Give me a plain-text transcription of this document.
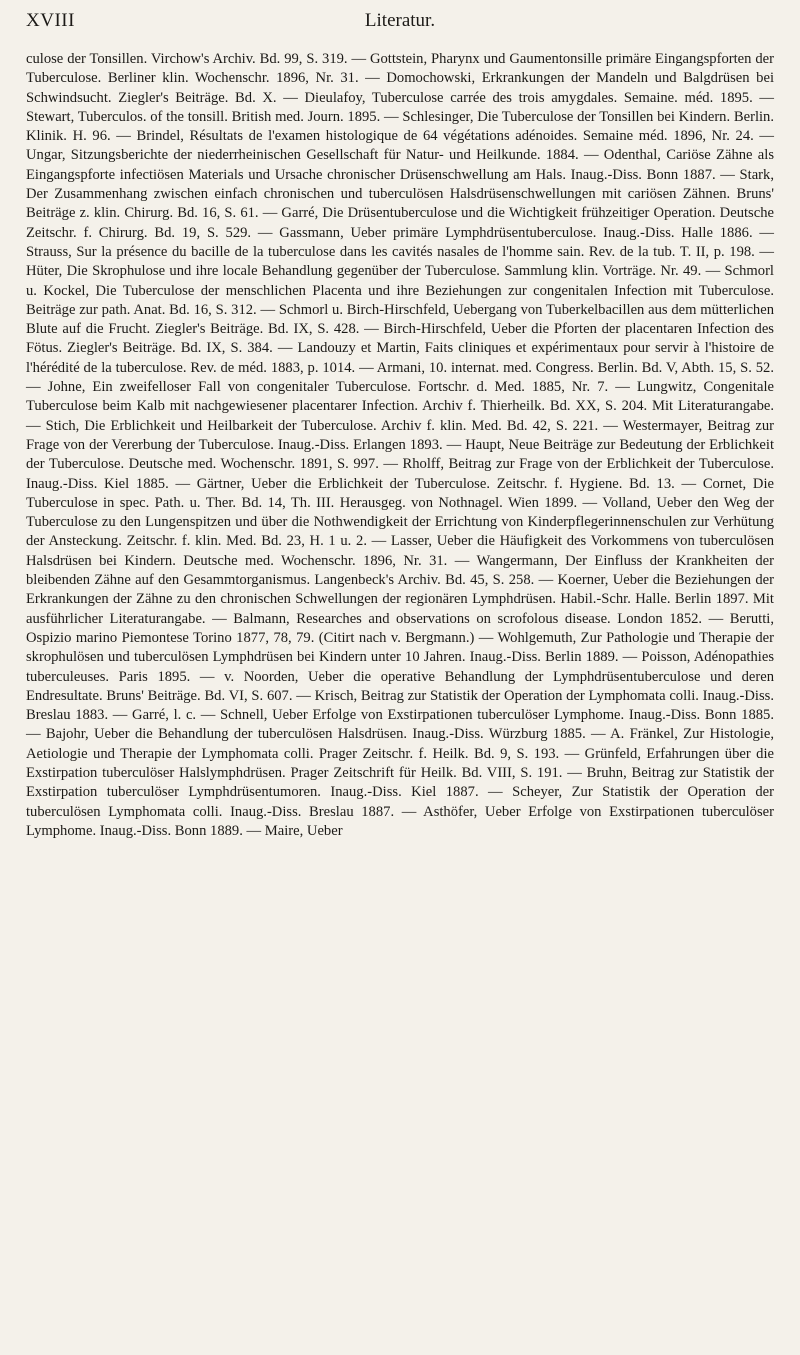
XVIII	Literatur.

culose der Tonsillen. Virchow's Archiv. Bd. 99, S. 319. — Gottstein, Pharynx und Gaumentonsille primäre Eingangspforten der Tuberculose. Berliner klin. Wochenschr. 1896, Nr. 31. — Domochowski, Erkrankungen der Mandeln und Balgdrüsen bei Schwindsucht. Ziegler's Beiträge. Bd. X. — Dieulafoy, Tuberculose carrée des trois amygdales. Semaine. méd. 1895. — Stewart, Tuberculos. of the tonsill. British med. Journ. 1895. — Schlesinger, Die Tuberculose der Tonsillen bei Kindern. Berlin. Klinik. H. 96. — Brindel, Résultats de l'examen histologique de 64 végétations adénoides. Semaine méd. 1896, Nr. 24. — Ungar, Sitzungsberichte der niederrheinischen Gesellschaft für Natur- und Heilkunde. 1884. — Odenthal, Cariöse Zähne als Eingangspforte infectiösen Materials und Ursache chronischer Drüsenschwellung am Hals. Inaug.-Diss. Bonn 1887. — Stark, Der Zusammenhang zwischen einfach chronischen und tuberculösen Halsdrüsenschwellungen mit cariösen Zähnen. Bruns' Beiträge z. klin. Chirurg. Bd. 16, S. 61. — Garré, Die Drüsentuberculose und die Wichtigkeit frühzeitiger Operation. Deutsche Zeitschr. f. Chirurg. Bd. 19, S. 529. — Gassmann, Ueber primäre Lymphdrüsentuberculose. Inaug.-Diss. Halle 1886. — Strauss, Sur la présence du bacille de la tuberculose dans les cavités nasales de l'homme sain. Rev. de la tub. T. II, p. 198. — Hüter, Die Skrophulose und ihre locale Behandlung gegenüber der Tuberculose. Sammlung klin. Vorträge. Nr. 49. — Schmorl u. Kockel, Die Tuberculose der menschlichen Placenta und ihre Beziehungen zur congenitalen Infection mit Tuberculose. Beiträge zur path. Anat. Bd. 16, S. 312. — Schmorl u. Birch-Hirschfeld, Uebergang von Tuberkelbacillen aus dem mütterlichen Blute auf die Frucht. Ziegler's Beiträge. Bd. IX, S. 428. — Birch-Hirschfeld, Ueber die Pforten der placentaren Infection des Fötus. Ziegler's Beiträge. Bd. IX, S. 384. — Landouzy et Martin, Faits cliniques et expérimentaux pour servir à l'histoire de l'hérédité de la tuberculose. Rev. de méd. 1883, p. 1014. — Armani, 10. internat. med. Congress. Berlin. Bd. V, Abth. 15, S. 52. — Johne, Ein zweifelloser Fall von congenitaler Tuberculose. Fortschr. d. Med. 1885, Nr. 7. — Lungwitz, Congenitale Tuberculose beim Kalb mit nachgewiesener placentarer Infection. Archiv f. Thierheilk. Bd. XX, S. 204. Mit Literaturangabe. — Stich, Die Erblichkeit und Heilbarkeit der Tuberculose. Archiv f. klin. Med. Bd. 42, S. 221. — Westermayer, Beitrag zur Frage von der Vererbung der Tuberculose. Inaug.-Diss. Erlangen 1893. — Haupt, Neue Beiträge zur Bedeutung der Erblichkeit der Tuberculose. Deutsche med. Wochenschr. 1891, S. 997. — Rholff, Beitrag zur Frage von der Erblichkeit der Tuberculose. Inaug.-Diss. Kiel 1885. — Gärtner, Ueber die Erblichkeit der Tuberculose. Zeitschr. f. Hygiene. Bd. 13. — Cornet, Die Tuberculose in spec. Path. u. Ther. Bd. 14, Th. III. Herausgeg. von Nothnagel. Wien 1899. — Volland, Ueber den Weg der Tuberculose zu den Lungenspitzen und über die Nothwendigkeit der Errichtung von Kinderpflegerinnenschulen zur Verhütung der Ansteckung. Zeitschr. f. klin. Med. Bd. 23, H. 1 u. 2. — Lasser, Ueber die Häufigkeit des Vorkommens von tuberculösen Halsdrüsen bei Kindern. Deutsche med. Wochenschr. 1896, Nr. 31. — Wangermann, Der Einfluss der Krankheiten der bleibenden Zähne auf den Gesammtorganismus. Langenbeck's Archiv. Bd. 45, S. 258. — Koerner, Ueber die Beziehungen der Erkrankungen der Zähne zu den chronischen Schwellungen der regionären Lymphdrüsen. Habil.-Schr. Halle. Berlin 1897. Mit ausführlicher Literaturangabe. — Balmann, Researches and observations on scrofolous disease. London 1852. — Berutti, Ospizio marino Piemontese Torino 1877, 78, 79. (Citirt nach v. Bergmann.) — Wohlgemuth, Zur Pathologie und Therapie der skrophulösen und tuberculösen Lymphdrüsen bei Kindern unter 10 Jahren. Inaug.-Diss. Berlin 1889. — Poisson, Adénopathies tuberculeuses. Paris 1895. — v. Noorden, Ueber die operative Behandlung der Lymphdrüsentuberculose und deren Endresultate. Bruns' Beiträge. Bd. VI, S. 607. — Krisch, Beitrag zur Statistik der Operation der Lymphomata colli. Inaug.-Diss. Breslau 1883. — Garré, l. c. — Schnell, Ueber Erfolge von Exstirpationen tuberculöser Lymphome. Inaug.-Diss. Bonn 1885. — Bajohr, Ueber die Behandlung der tuberculösen Halsdrüsen. Inaug.-Diss. Würzburg 1885. — A. Fränkel, Zur Histologie, Aetiologie und Therapie der Lymphomata colli. Prager Zeitschr. f. Heilk. Bd. 9, S. 193. — Grünfeld, Erfahrungen über die Exstirpation tuberculöser Halslymphdrüsen. Prager Zeitschrift für Heilk. Bd. VIII, S. 191. — Bruhn, Beitrag zur Statistik der Exstirpation tuberculöser Lymphdrüsentumoren. Inaug.-Diss. Kiel 1887. — Scheyer, Zur Statistik der Operation der tuberculösen Lymphomata colli. Inaug.-Diss. Breslau 1887. — Asthöfer, Ueber Erfolge von Exstirpationen tuberculöser Lymphome. Inaug.-Diss. Bonn 1889. — Maire, Ueber
